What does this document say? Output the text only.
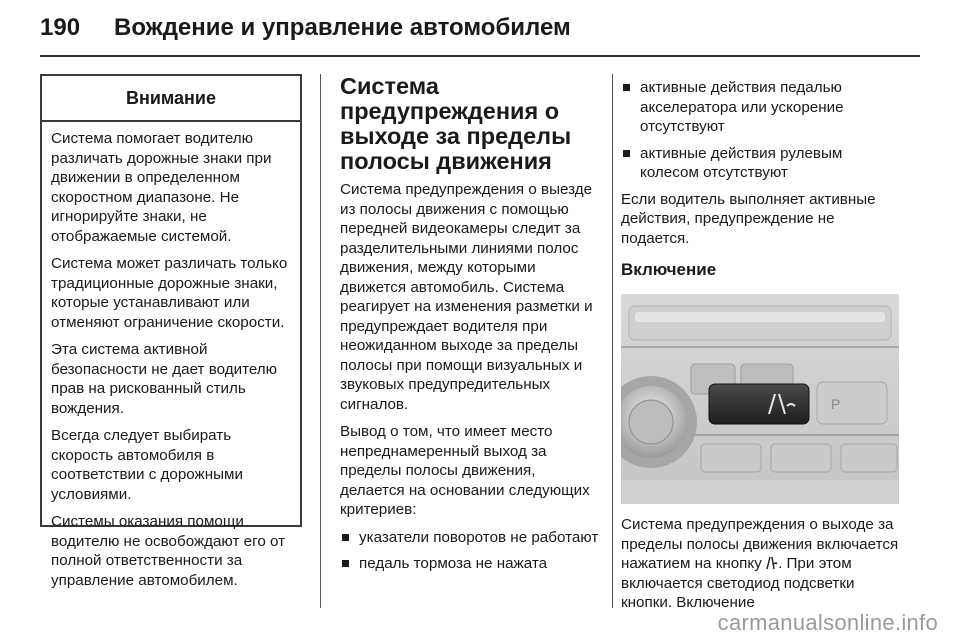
190 Вождение и управление автомобилем
Внимание

Система помогает водителю различать дорожные знаки при движении в определенном скоростном диапазоне. Не игнорируйте знаки, не отображаемые системой.

Система может различать только традиционные дорожные знаки, которые устанавливают или отменяют ограничение скорости.

Эта система активной безопасности не дает водителю прав на рискованный стиль вождения.

Всегда следует выбирать скорость автомобиля в соответствии с дорожными условиями.

Системы оказания помощи водителю не освобождают его от полной ответственности за управление автомобилем.

Система предупреждения о выходе за пределы полосы движения

Система предупреждения о выезде из полосы движения с помощью передней видеокамеры следит за разделительными линиями полос движения, между которыми движется автомобиль. Система реагирует на изменения разметки и предупреждает водителя при неожиданном выходе за пределы полосы при помощи визуальных и звуковых предупредительных сигналов.

Вывод о том, что имеет место непреднамеренный выход за пределы полосы движения, делается на основании следующих критериев:

указатели поворотов не работают
педаль тормоза не нажата
активные действия педалью акселератора или ускорение отсутствуют
активные действия рулевым колесом отсутствуют

Если водитель выполняет активные действия, предупреждение не подается.

Включение
P
Система предупреждения о выходе за пределы полосы движения включается нажатием на кнопку . При этом включается светодиод подсветки кнопки. Включение
carmanualsonline.info
